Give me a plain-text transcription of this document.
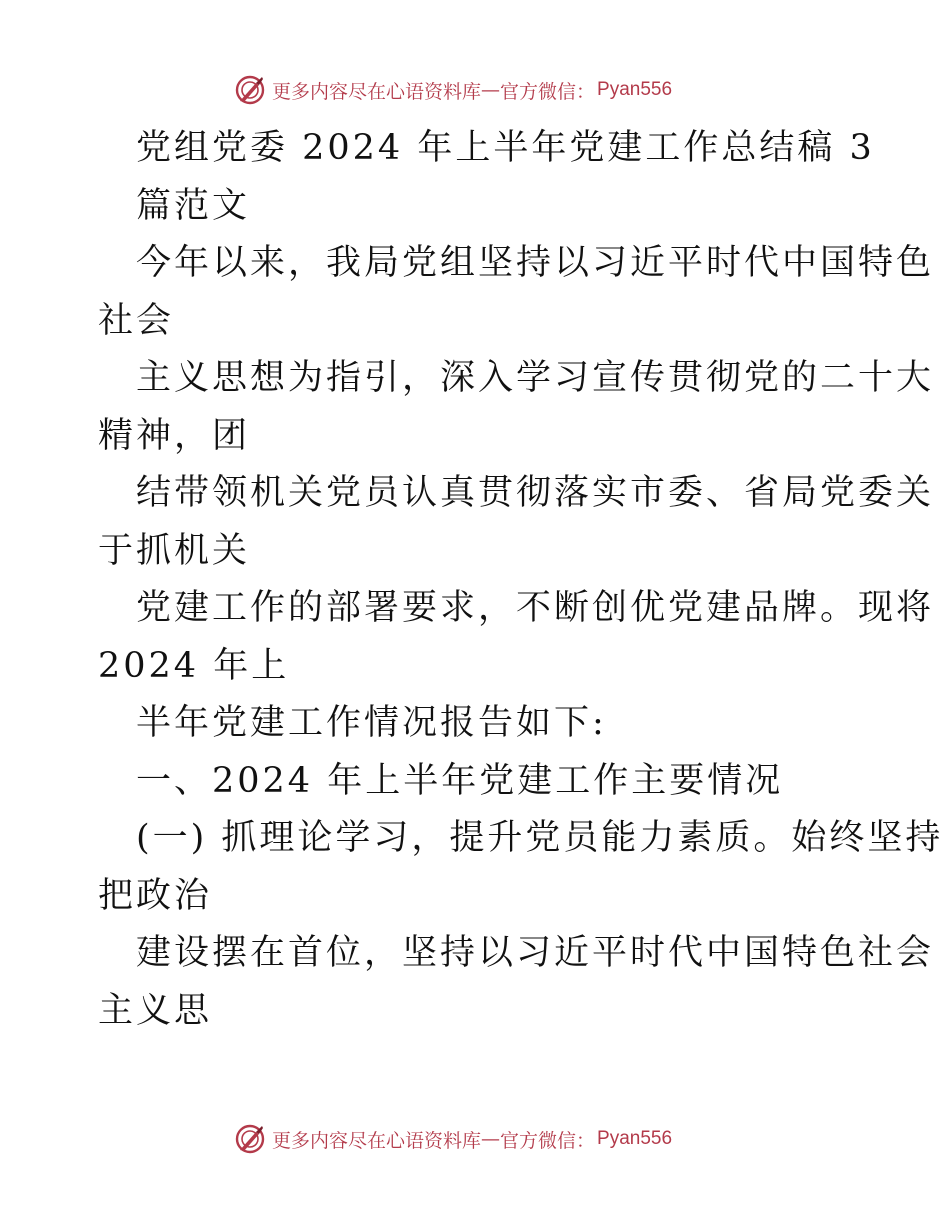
更多内容尽在心语资料库 — 官方微信： Pyan556
党组党委 2024 年上半年党建工作总结稿 3
篇范文
今年以来，我局党组坚持以习近平时代中国特色
社会
主义思想为指引，深入学习宣传贯彻党的二十大
精神，团
结带领机关党员认真贯彻落实市委、省局党委关
于抓机关
党建工作的部署要求，不断创优党建品牌。现将
2024 年上
半年党建工作情况报告如下:
一、2024 年上半年党建工作主要情况
(一) 抓理论学习，提升党员能力素质。始终坚持
把政治
建设摆在首位，坚持以习近平时代中国特色社会
主义思
更多内容尽在心语资料库 — 官方微信： Pyan556
